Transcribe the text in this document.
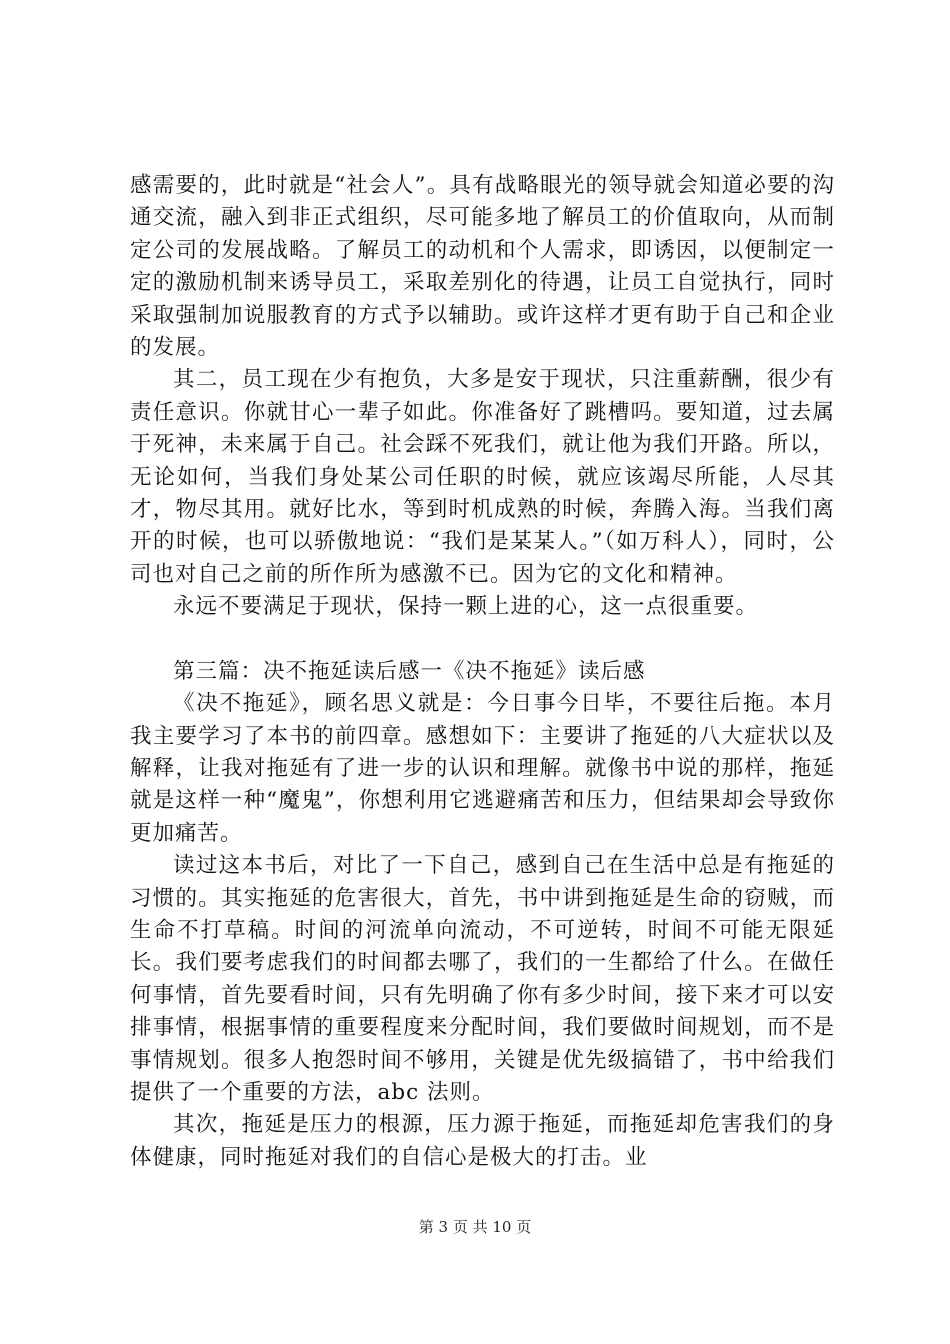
感需要的，此时就是“社会人”。具有战略眼光的领导就会知道必要的沟通交流，融入到非正式组织，尽可能多地了解员工的价值取向，从而制定公司的发展战略。了解员工的动机和个人需求，即诱因，以便制定一定的激励机制来诱导员工，采取差别化的待遇，让员工自觉执行，同时采取强制加说服教育的方式予以辅助。或许这样才更有助于自己和企业的发展。

其二，员工现在少有抱负，大多是安于现状，只注重薪酬，很少有责任意识。你就甘心一辈子如此。你准备好了跳槽吗。要知道，过去属于死神，未来属于自己。社会踩不死我们，就让他为我们开路。所以，无论如何，当我们身处某公司任职的时候，就应该竭尽所能，人尽其才，物尽其用。就好比水，等到时机成熟的时候，奔腾入海。当我们离开的时候，也可以骄傲地说：“我们是某某人。”（如万科人），同时，公司也对自己之前的所作所为感激不已。因为它的文化和精神。

永远不要满足于现状，保持一颗上进的心，这一点很重要。

第三篇：决不拖延读后感一《决不拖延》读后感

《决不拖延》，顾名思义就是：今日事今日毕，不要往后拖。本月我主要学习了本书的前四章。感想如下：主要讲了拖延的八大症状以及解释，让我对拖延有了进一步的认识和理解。就像书中说的那样，拖延就是这样一种“魔鬼”，你想利用它逃避痛苦和压力，但结果却会导致你更加痛苦。

读过这本书后，对比了一下自己，感到自己在生活中总是有拖延的习惯的。其实拖延的危害很大，首先，书中讲到拖延是生命的窃贼，而生命不打草稿。时间的河流单向流动，不可逆转，时间不可能无限延长。我们要考虑我们的时间都去哪了，我们的一生都给了什么。在做任何事情，首先要看时间，只有先明确了你有多少时间，接下来才可以安排事情，根据事情的重要程度来分配时间，我们要做时间规划，而不是事情规划。很多人抱怨时间不够用，关键是优先级搞错了，书中给我们提供了一个重要的方法，abc 法则。

其次，拖延是压力的根源，压力源于拖延，而拖延却危害我们的身体健康，同时拖延对我们的自信心是极大的打击。业

第 3 页 共 10 页
